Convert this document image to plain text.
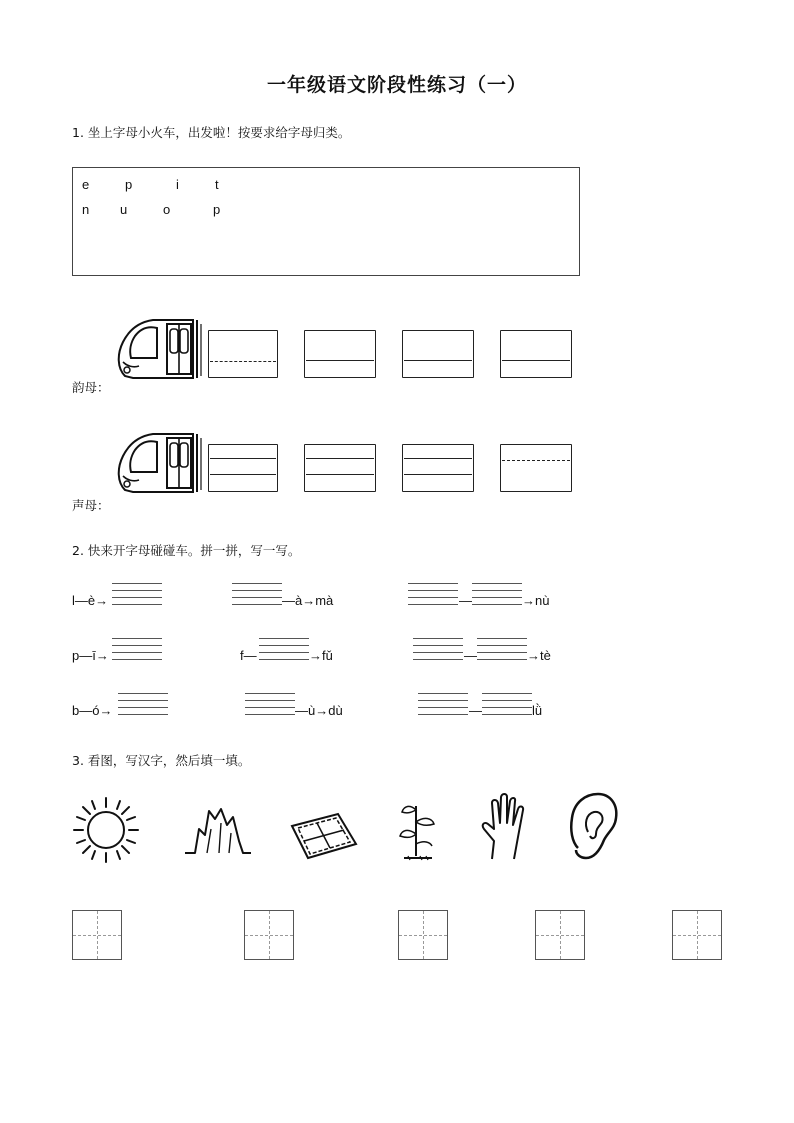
一年级语文阶段性练习（一）
1. 坐上字母小火车，出发啦！按要求给字母归类。
e	p	i	t
n u	o	p
韵母：
声母：
2. 快来开字母碰碰车。拼一拼，写一写。
l—è→	—à→mà	—	→nù
p—ī→	f—	→fǔ	—	→tè
b—ó→	—ù→dù	—	lǜ
3. 看图，写汉字，然后填一填。
